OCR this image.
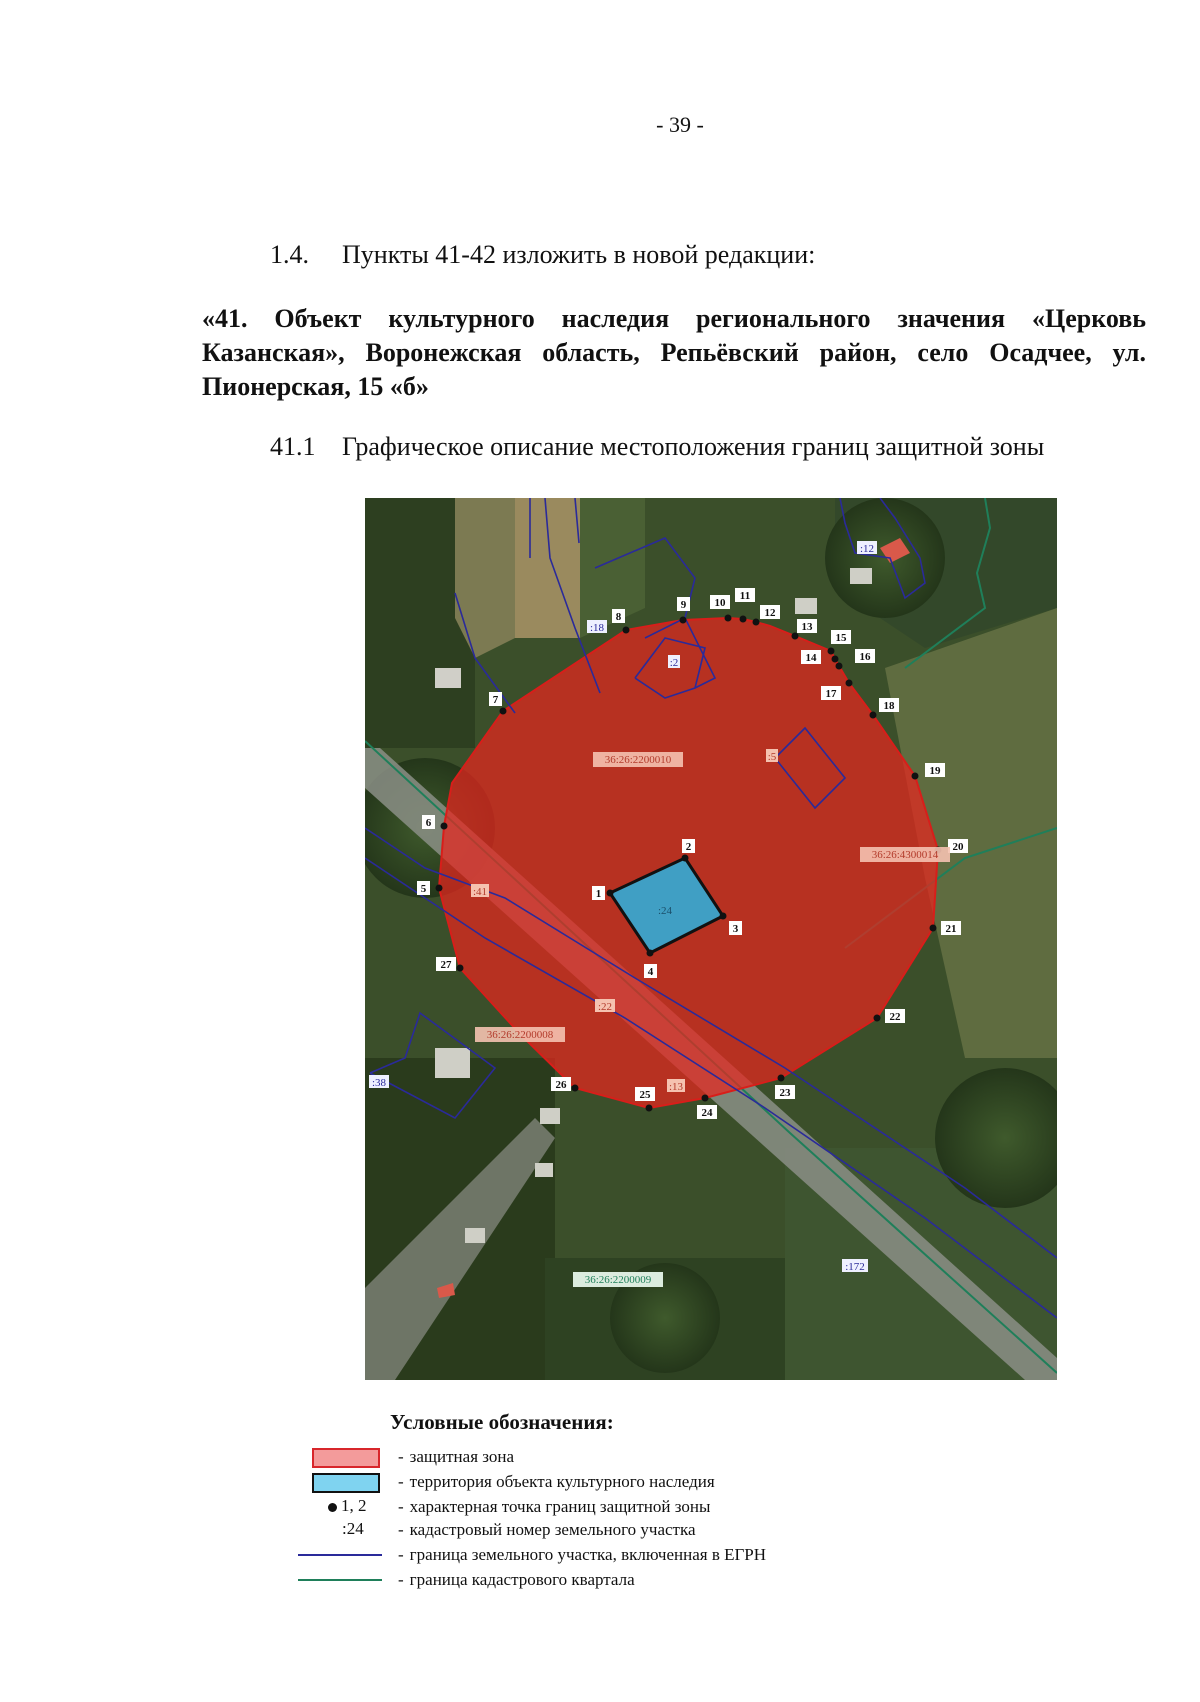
- 39 -
1.4. Пункты 41-42 изложить в новой редакции:
«41. Объект культурного наследия регионального значения «Церковь Казанская», Воронежская область, Репьёвский район, село Осадчее, ул. Пионерская, 15 «б»
41.1 Графическое описание местоположения границ защитной зоны
1
2
3
4
5
6
7
8
9	10
11
12
13
14
15
16
17
18
19
20
21
22
23
24
25
26
27
36:26:2200010
36:26:4300014
36:26:2200008
36:26:2200009
:24
:5
:41
:22
:13
:12
:18
:2
:38
:172
Условные обозначения:
- защитная зона
- территория объекта культурного наследия
1, 2 - характерная точка границ защитной зоны
:24 - кадастровый номер земельного участка
- граница земельного участка, включенная в ЕГРН
- граница кадастрового квартала
